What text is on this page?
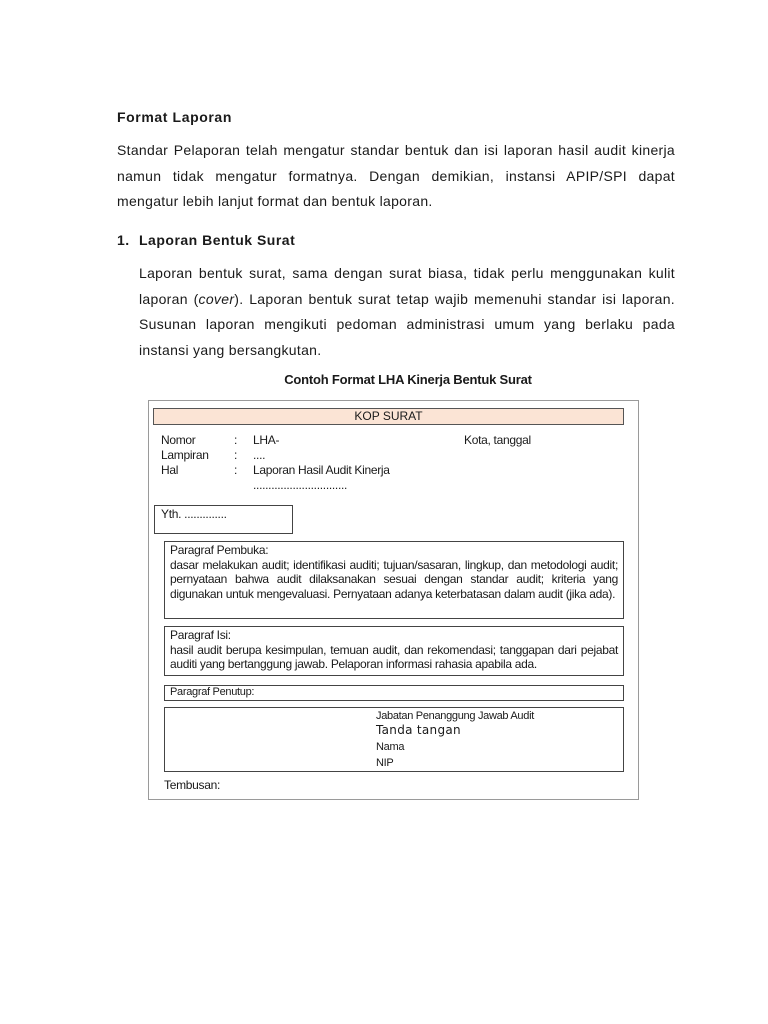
Format Laporan
Standar Pelaporan telah mengatur standar bentuk dan isi laporan hasil audit kinerja namun tidak mengatur formatnya. Dengan demikian, instansi APIP/SPI dapat mengatur lebih lanjut format dan bentuk laporan.
1. Laporan Bentuk Surat
Laporan bentuk surat, sama dengan surat biasa, tidak perlu menggunakan kulit laporan (cover). Laporan bentuk surat tetap wajib memenuhi standar isi laporan. Susunan laporan mengikuti pedoman administrasi umum yang berlaku pada instansi yang bersangkutan.
Contoh Format LHA Kinerja Bentuk Surat
KOP SURAT
Nomor
Lampiran
Hal
:
:
:
LHA-
....
Laporan Hasil Audit Kinerja
...............................
Kota, tanggal
Yth. ..............
Paragraf Pembuka:
dasar melakukan audit; identifikasi auditi; tujuan/sasaran, lingkup, dan metodologi audit; pernyataan bahwa audit dilaksanakan sesuai dengan standar audit; kriteria yang digunakan untuk mengevaluasi. Pernyataan adanya keterbatasan dalam audit (jika ada).
Paragraf Isi:
hasil audit berupa kesimpulan, temuan audit, dan rekomendasi; tanggapan dari pejabat auditi yang bertanggung jawab. Pelaporan informasi rahasia apabila ada.
Paragraf Penutup:
Jabatan Penanggung Jawab Audit
Tanda tangan
Nama
NIP
Tembusan:
